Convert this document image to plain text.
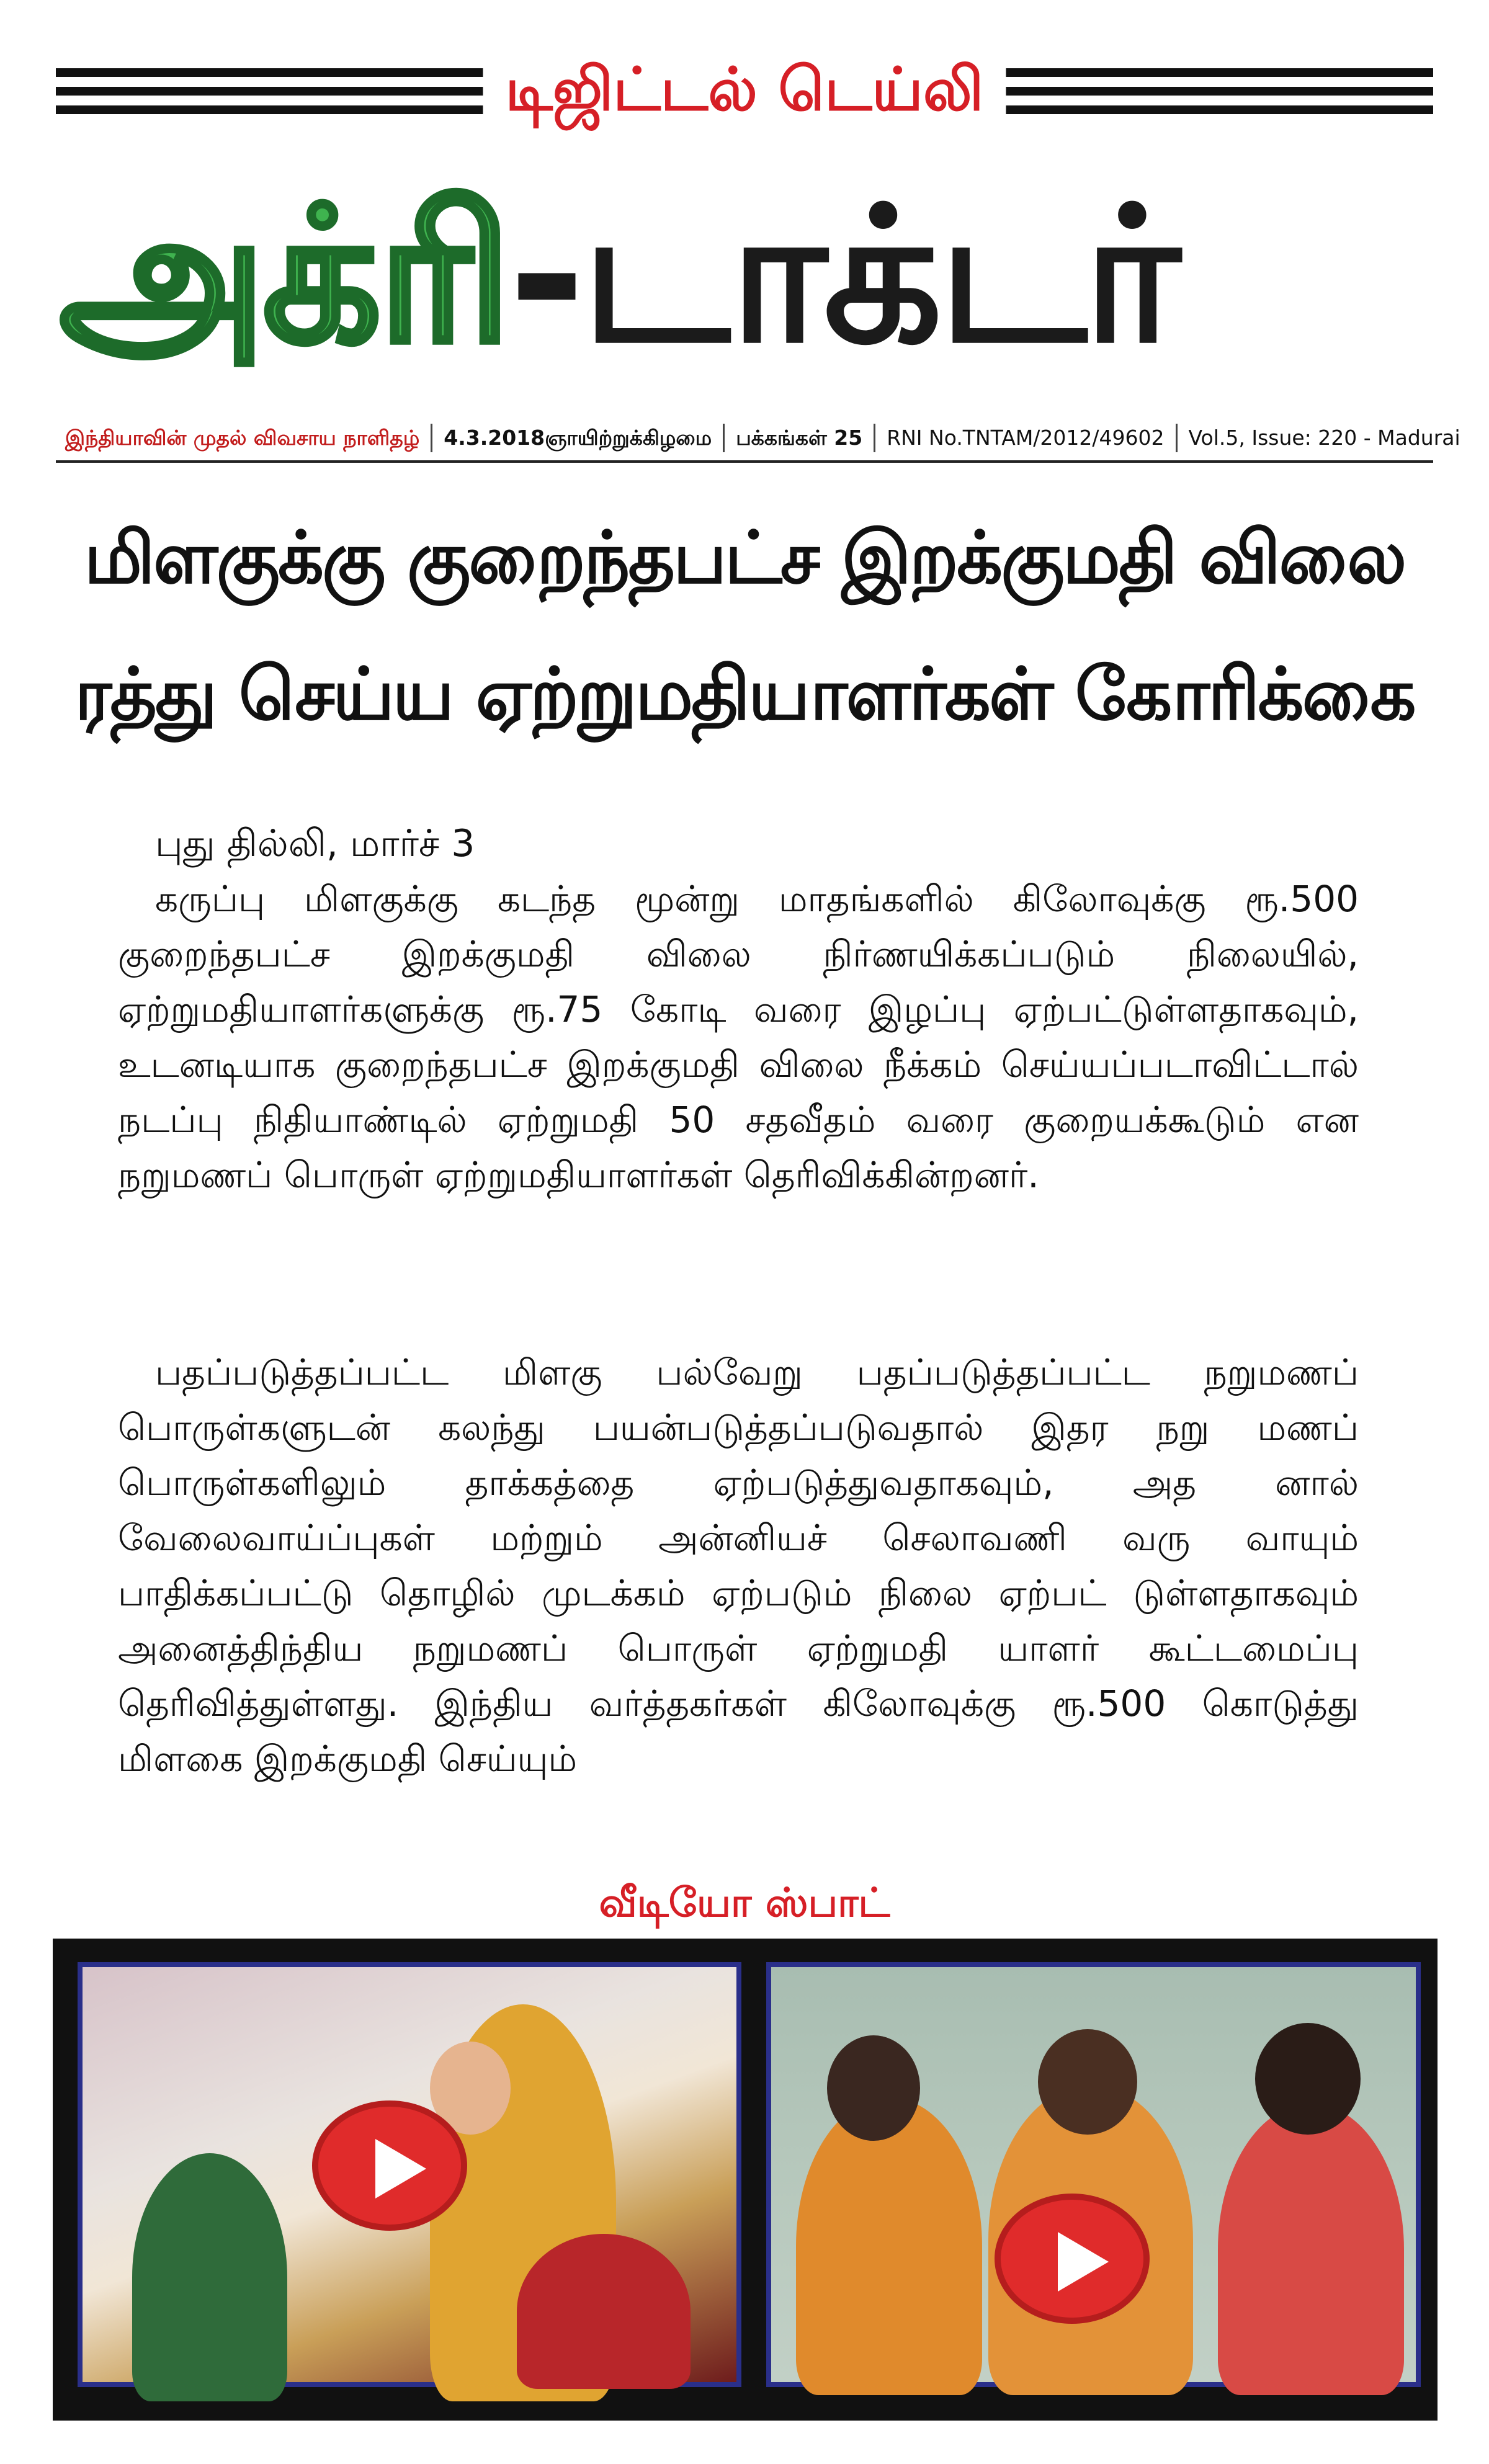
டிஜிட்டல் டெய்லி
அக்ரி-டாக்டர்
இந்தியாவின் முதல் விவசாய நாளிதழ்	4.3.2018ஞாயிற்றுக்கிழமை	பக்கங்கள் 25	RNI No.TNTAM/2012/49602	Vol.5, Issue: 220 - Madurai
மிளகுக்கு குறைந்தபட்ச இறக்குமதி விலை
ரத்து செய்ய ஏற்றுமதியாளர்கள் கோரிக்கை
புது தில்லி, மார்ச் 3
கருப்பு மிளகுக்கு கடந்த மூன்று மாதங்களில் கிலோவுக்கு ரூ.500 குறைந்தபட்ச இறக்குமதி விலை நிர்ணயிக்கப்படும் நிலையில், ஏற்றுமதியாளர்களுக்கு ரூ.75 கோடி வரை இழப்பு ஏற்பட்டுள்ளதாகவும், உடனடியாக குறைந்தபட்ச இறக்குமதி விலை நீக்கம் செய்யப்படாவிட்டால் நடப்பு நிதியாண்டில் ஏற்றுமதி 50 சதவீதம் வரை குறையக்கூடும் என நறுமணப் பொருள் ஏற்றுமதியாளர்கள் தெரிவிக்கின்றனர்.
பதப்படுத்தப்பட்ட மிளகு பல்வேறு பதப்படுத்தப்பட்ட நறுமணப் பொருள்களுடன் கலந்து பயன்படுத்தப்படுவதால் இதர நறு மணப் பொருள்களிலும் தாக்கத்தை ஏற்படுத்துவதாகவும், அத னால் வேலைவாய்ப்புகள் மற்றும் அன்னியச் செலாவணி வரு வாயும் பாதிக்கப்பட்டு தொழில் முடக்கம் ஏற்படும் நிலை ஏற்பட் டுள்ளதாகவும் அனைத்திந்திய நறுமணப் பொருள் ஏற்றுமதி யாளர் கூட்டமைப்பு தெரிவித்துள்ளது. இந்திய வர்த்தகர்கள் கிலோவுக்கு ரூ.500 கொடுத்து மிளகை இறக்குமதி செய்யும்
வீடியோ ஸ்பாட்
